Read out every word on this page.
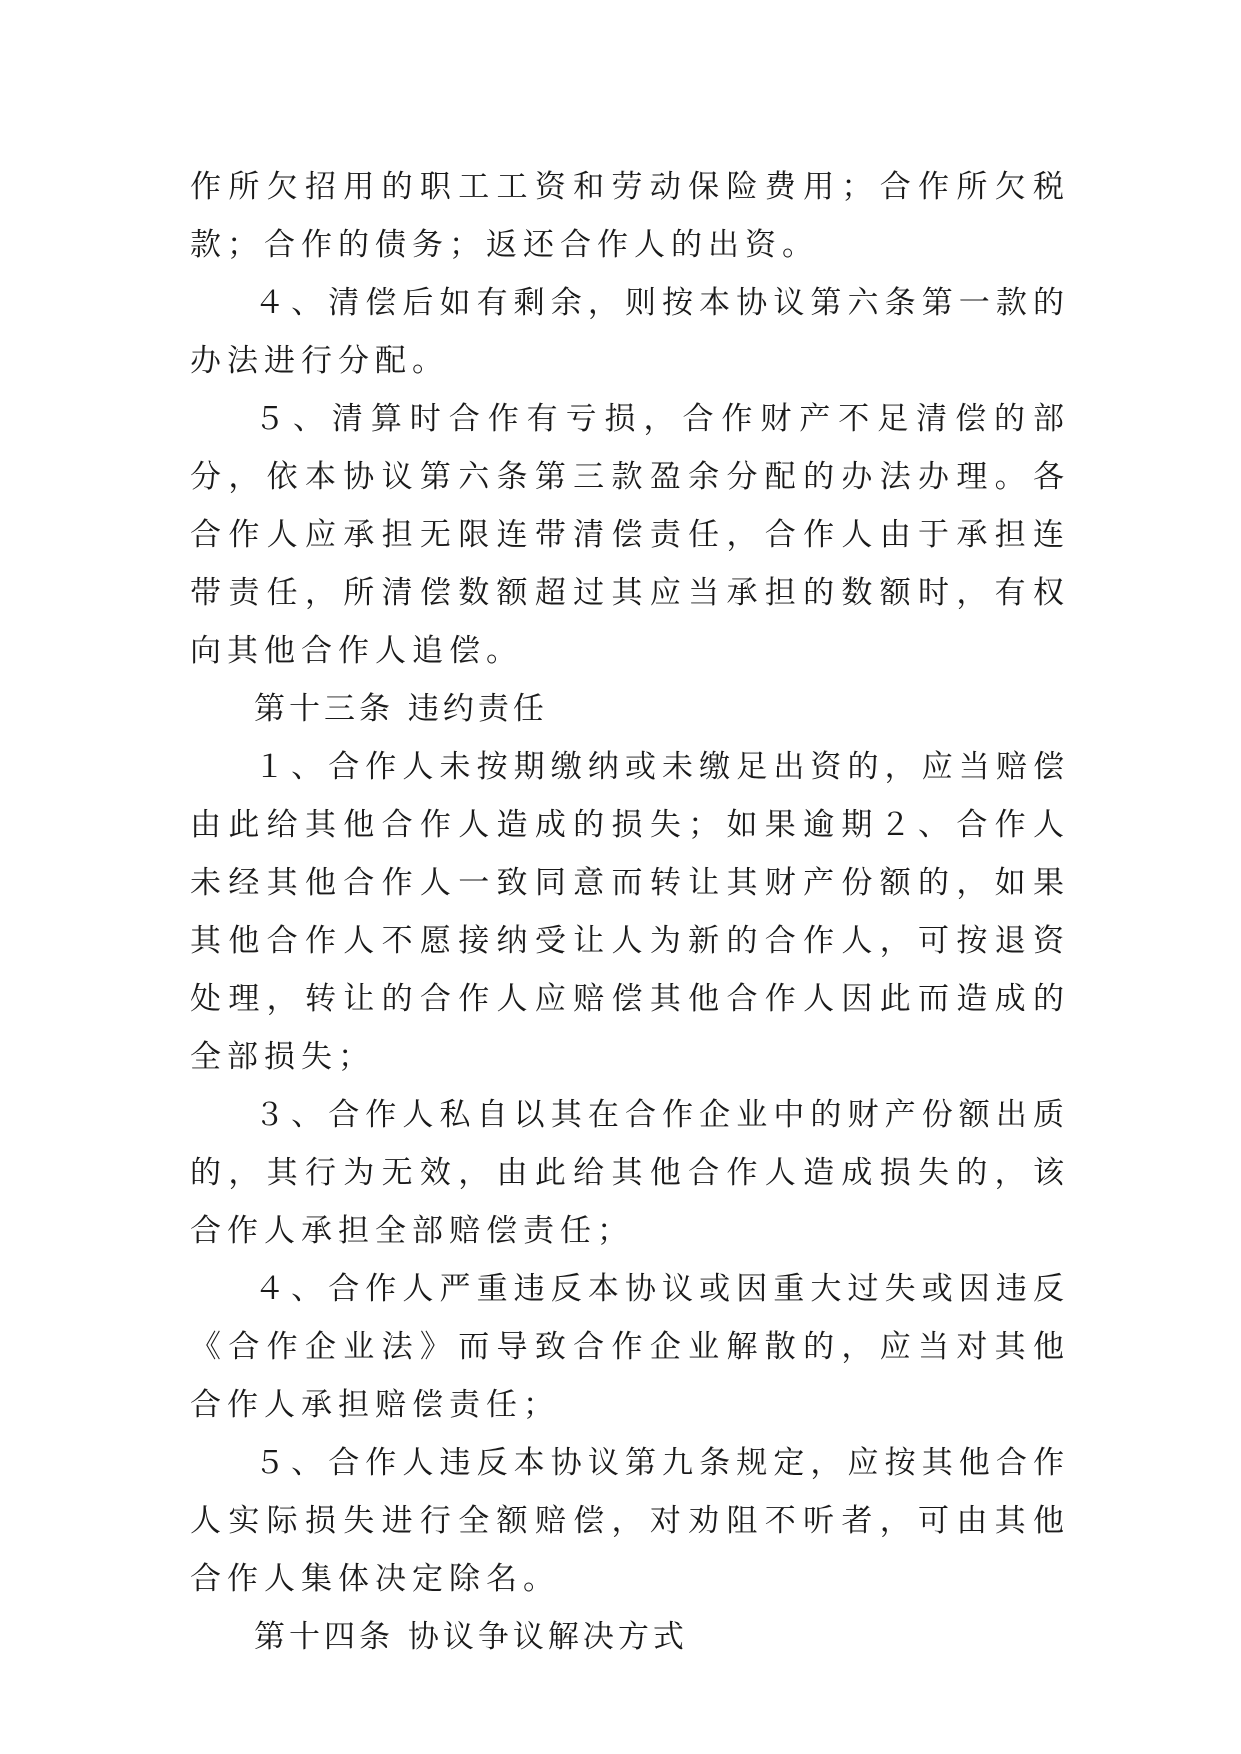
作所欠招用的职工工资和劳动保险费用；合作所欠税款；合作的债务；返还合作人的出资。

４、清偿后如有剩余，则按本协议第六条第一款的办法进行分配。

５、清算时合作有亏损，合作财产不足清偿的部分，依本协议第六条第三款盈余分配的办法办理。各合作人应承担无限连带清偿责任，合作人由于承担连带责任，所清偿数额超过其应当承担的数额时，有权向其他合作人追偿。

第十三条 违约责任

１、合作人未按期缴纳或未缴足出资的，应当赔偿由此给其他合作人造成的损失；如果逾期２、合作人未经其他合作人一致同意而转让其财产份额的，如果其他合作人不愿接纳受让人为新的合作人，可按退资处理，转让的合作人应赔偿其他合作人因此而造成的全部损失；

３、合作人私自以其在合作企业中的财产份额出质的，其行为无效，由此给其他合作人造成损失的，该合作人承担全部赔偿责任；

４、合作人严重违反本协议或因重大过失或因违反《合作企业法》而导致合作企业解散的，应当对其他合作人承担赔偿责任；

５、合作人违反本协议第九条规定，应按其他合作人实际损失进行全额赔偿，对劝阻不听者，可由其他合作人集体决定除名。

第十四条 协议争议解决方式
